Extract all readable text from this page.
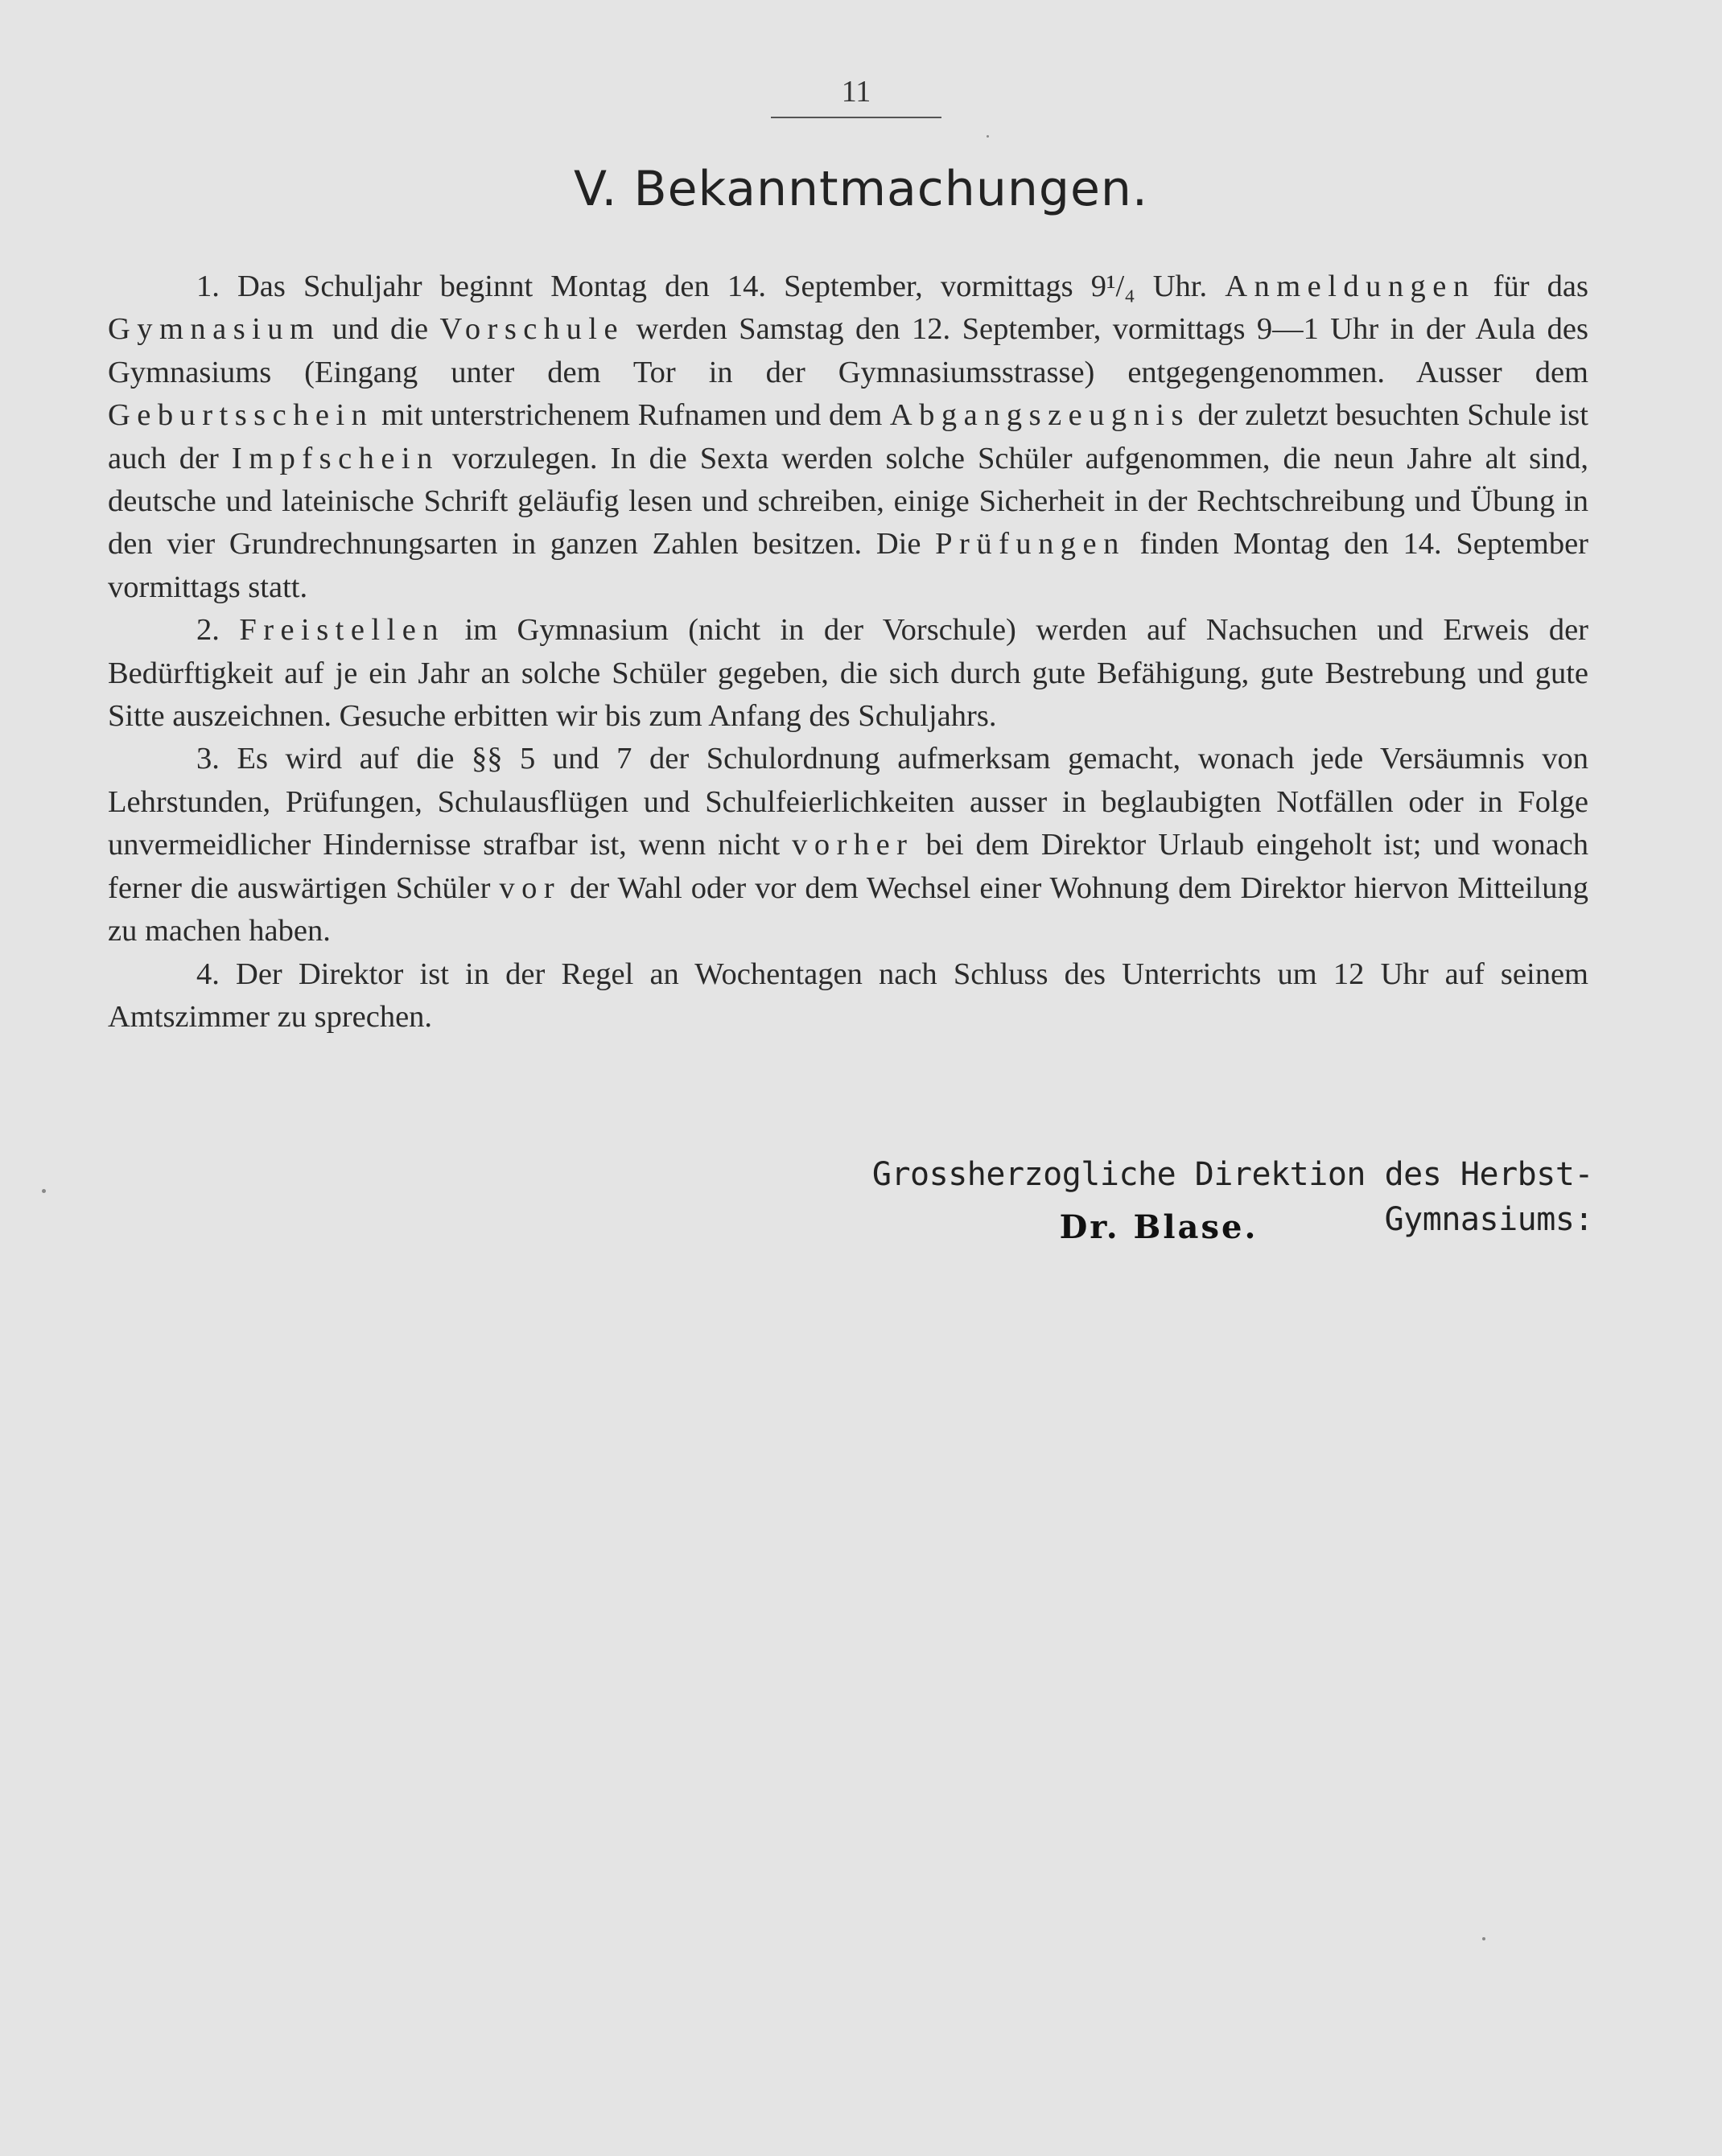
11
V. Bekanntmachungen.

1. Das Schuljahr beginnt Montag den 14. September, vormittags 9¹/₄ Uhr. Anmeldungen für das Gymnasium und die Vorschule werden Samstag den 12. September, vormittags 9—1 Uhr in der Aula des Gymnasiums (Eingang unter dem Tor in der Gymnasiumsstrasse) entgegengenommen. Ausser dem Geburtsschein mit unterstrichenem Rufnamen und dem Abgangszeugnis der zuletzt besuchten Schule ist auch der Impfschein vorzulegen. In die Sexta werden solche Schüler aufgenommen, die neun Jahre alt sind, deutsche und lateinische Schrift geläufig lesen und schreiben, einige Sicherheit in der Rechtschreibung und Übung in den vier Grundrechnungsarten in ganzen Zahlen besitzen. Die Prüfungen finden Montag den 14. September vormittags statt.

2. Freistellen im Gymnasium (nicht in der Vorschule) werden auf Nachsuchen und Erweis der Bedürftigkeit auf je ein Jahr an solche Schüler gegeben, die sich durch gute Befähigung, gute Bestrebung und gute Sitte auszeichnen. Gesuche erbitten wir bis zum Anfang des Schuljahrs.

3. Es wird auf die §§ 5 und 7 der Schulordnung aufmerksam gemacht, wonach jede Versäumnis von Lehrstunden, Prüfungen, Schulausflügen und Schulfeierlichkeiten ausser in beglaubigten Notfällen oder in Folge unvermeidlicher Hindernisse strafbar ist, wenn nicht vorher bei dem Direktor Urlaub eingeholt ist; und wonach ferner die auswärtigen Schüler vor der Wahl oder vor dem Wechsel einer Wohnung dem Direktor hiervon Mitteilung zu machen haben.

4. Der Direktor ist in der Regel an Wochentagen nach Schluss des Unterrichts um 12 Uhr auf seinem Amtszimmer zu sprechen.

Grossherzogliche Direktion des Herbst-Gymnasiums:
Dr. Blase.
